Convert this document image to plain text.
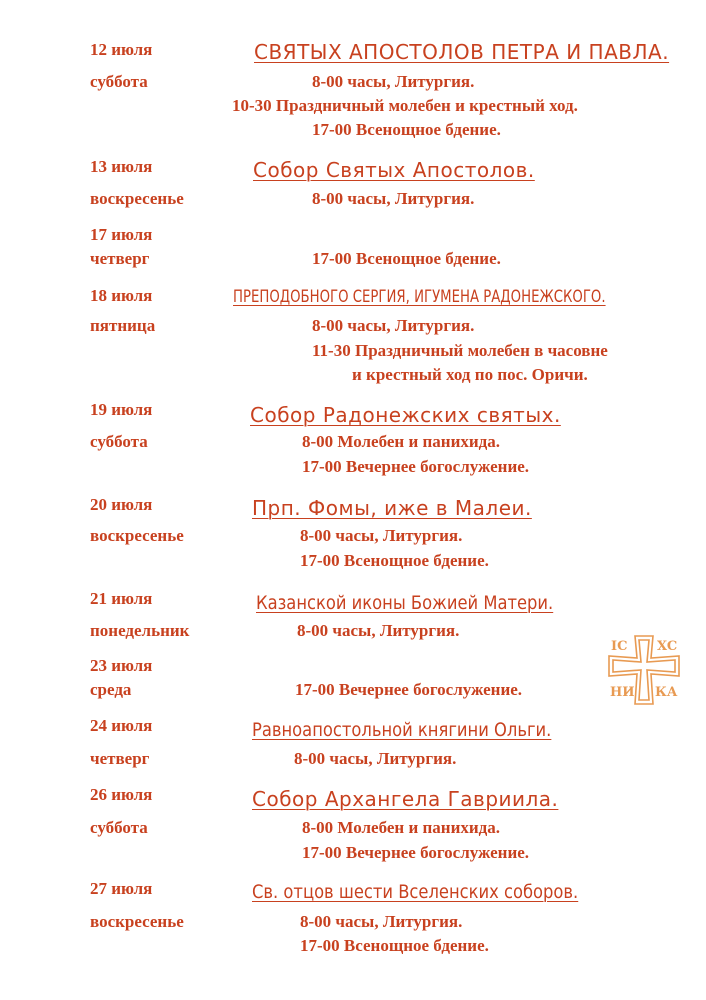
12 июля	СВЯТЫХ АПОСТОЛОВ ПЕТРА И ПАВЛА.
суббота	8-00 часы, Литургия.
10-30 Праздничный молебен и крестный ход.
17-00 Всенощное бдение.
13 июля	Собор Святых Апостолов.
воскресенье	8-00 часы, Литургия.
17 июля
четверг	17-00 Всенощное бдение.
18 июля	ПРЕПОДОБНОГО СЕРГИЯ, ИГУМЕНА РАДОНЕЖСКОГО.
пятница	8-00 часы, Литургия.
11-30 Праздничный молебен в часовне
и крестный ход по пос. Оричи.
19 июля	Собор Радонежских святых.
суббота	8-00 Молебен и панихида.
17-00 Вечернее богослужение.
20 июля	Прп. Фомы, иже в Малеи.
воскресенье	8-00 часы, Литургия.
17-00 Всенощное бдение.
21 июля	Казанской иконы Божией Матери.
понедельник	8-00 часы, Литургия.
23 июля
среда	17-00 Вечернее богослужение.
24 июля	Равноапостольной княгини Ольги.
четверг	8-00 часы, Литургия.
26 июля	Собор Архангела Гавриила.
суббота	8-00 Молебен и панихида.
17-00 Вечернее богослужение.
27 июля	Св. отцов шести Вселенских соборов.
воскресенье	8-00 часы, Литургия.
17-00 Всенощное бдение.
IC XC
НИ КА
